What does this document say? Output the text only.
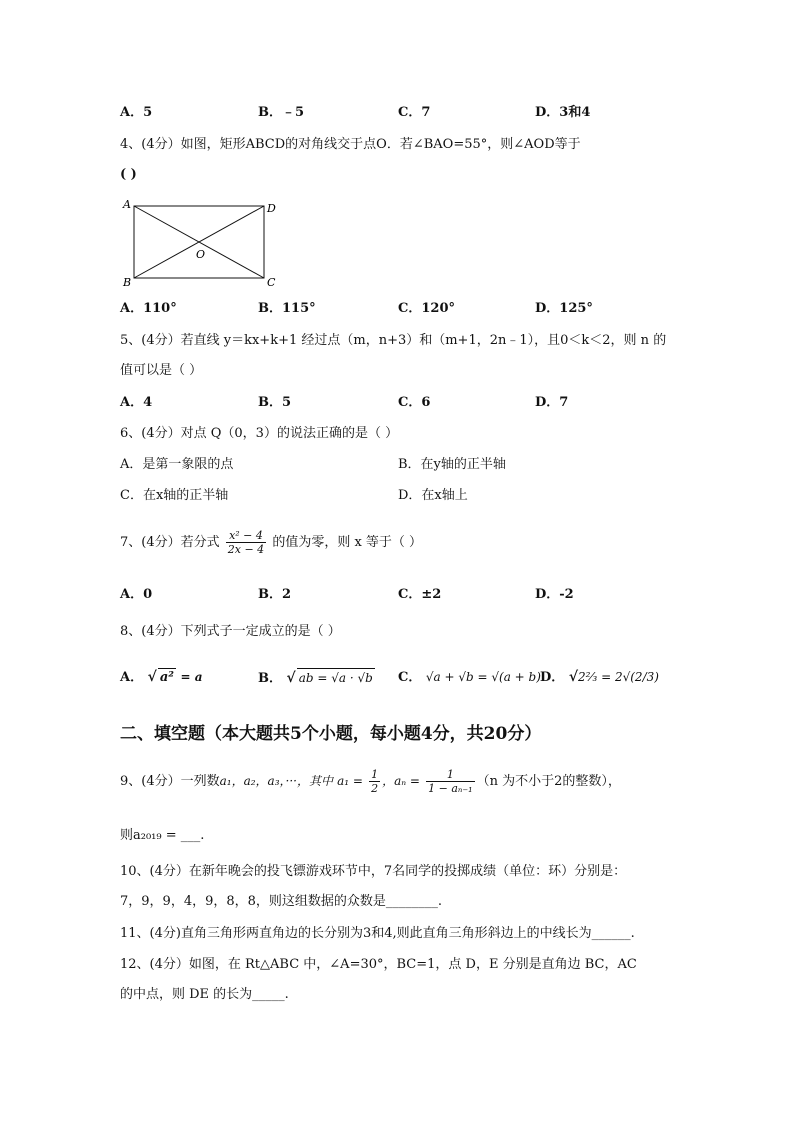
A．5	B．﹣5	C．7	D．3和4
4、(4分）如图，矩形ABCD的对角线交于点O．若∠BAO=55°，则∠AOD等于
( )
A	D
B	C
O
A．110°	B．115°	C．120°	D．125°
5、(4分）若直线 y＝kx+k+1 经过点（m，n+3）和（m+1，2n﹣1），且0＜k＜2，则 n 的
值可以是（ ）
A．4	B．5	C．6	D．7
6、(4分）对点 Q（0，3）的说法正确的是（ ）
A．是第一象限的点	B．在y轴的正半轴
C．在x轴的正半轴	D．在x轴上
7、(4分）若分式 $\frac{\text{x² − 4}}{2x - 4}$ 的值为零，则 x 等于（ ）
A．0	B．2	C．±2	D．-2
8、(4分）下列式子一定成立的是（ ）
A． √ a² = a	B． √ ab = √a · √b C． √a + √b = √(a + b) D． √2⅔ = 2√(2/3)
二、填空题（本大题共5个小题，每小题4分，共20分）
9、(4分）一列数a₁，a₂，a₃，···，其中 $a_1 = \frac{1}{2}$ ，$a_n = \frac{1}{\text{1 − aₙ₋₁}} (n$ 为不小于2的整数），
则a₂₀₁₉ = ___.
10、(4分）在新年晚会的投飞镖游戏环节中，7名同学的投掷成绩（单位：环）分别是：
7，9，9，4，9，8，8，则这组数据的众数是________.
11、(4分)直角三角形两直角边的长分别为3和4,则此直角三角形斜边上的中线长为______.
12、(4分）如图，在 Rt△ABC 中，∠A=30°，BC=1，点 D，E 分别是直角边 BC，AC
的中点，则 DE 的长为_____.
